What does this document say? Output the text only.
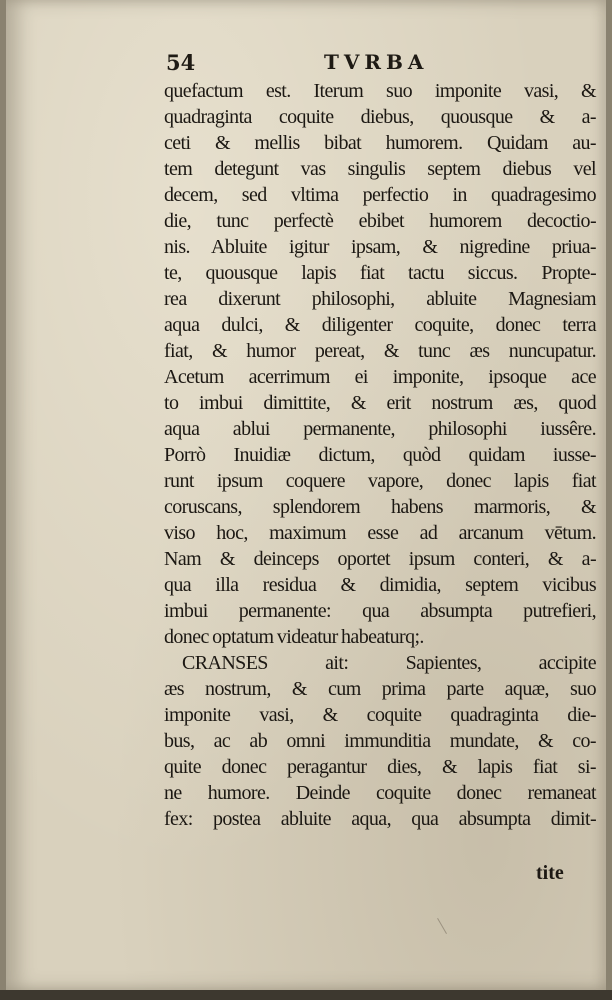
54	TVRBA
quefactum est. Iterum suo imponite vasi, &
quadraginta coquite diebus, quousque & a-
ceti & mellis bibat humorem. Quidam au-
tem detegunt vas singulis septem diebus vel
decem, sed vltima perfectio in quadragesimo
die, tunc perfectè ebibet humorem decoctio-
nis. Abluite igitur ipsam, & nigredine priua-
te, quousque lapis fiat tactu siccus. Propte-
rea dixerunt philosophi, abluite Magnesiam
aqua dulci, & diligenter coquite, donec terra
fiat, & humor pereat, & tunc æs nuncupatur.
Acetum acerrimum ei imponite, ipsoque ace
to imbui dimittite, & erit nostrum æs, quod
aqua ablui permanente, philosophi iussêre.
Porrò Inuidiæ dictum, quòd quidam iusse-
runt ipsum coquere vapore, donec lapis fiat
coruscans, splendorem habens marmoris, &
viso hoc, maximum esse ad arcanum vētum.
Nam & deinceps oportet ipsum conteri, & a-
qua illa residua & dimidia, septem vicibus
imbui permanente: qua absumpta putrefieri,
donec optatum videatur habeaturq;.
CRANSES ait: Sapientes, accipite
æs nostrum, & cum prima parte aquæ, suo
imponite vasi, & coquite quadraginta die-
bus, ac ab omni immunditia mundate, & co-
quite donec peragantur dies, & lapis fiat si-
ne humore. Deinde coquite donec remaneat
fex: postea abluite aqua, qua absumpta dimit-
tite
